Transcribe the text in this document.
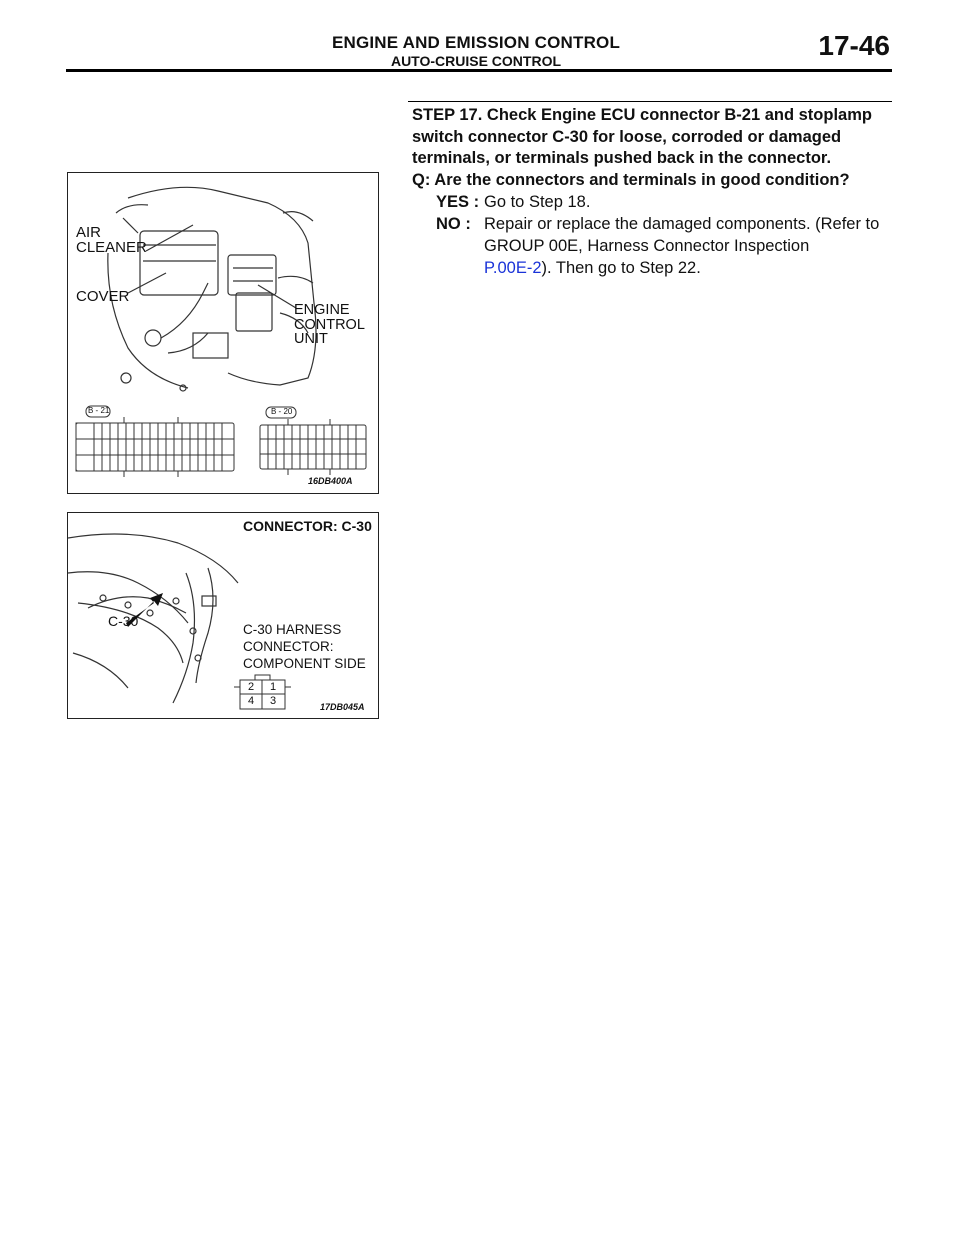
ENGINE AND EMISSION CONTROL
AUTO-CRUISE CONTROL	17-46
STEP 17. Check Engine ECU connector B-21 and stoplamp
switch connector C-30 for loose, corroded or damaged
terminals, or terminals pushed back in the connector.
Q: Are the connectors and terminals in good condition?
YES : Go to Step 18.
NO : Repair or replace the damaged components. (Refer to
GROUP 00E, Harness Connector Inspection
P.00E-2). Then go to Step 22.
AIR
CLEANER
COVER
ENGINE
CONTROL
UNIT
B - 21	B - 20
16DB400A
CONNECTOR: C-30
C-30
C-30 HARNESS
CONNECTOR:
COMPONENT SIDE
2 1
4 3	17DB045A
